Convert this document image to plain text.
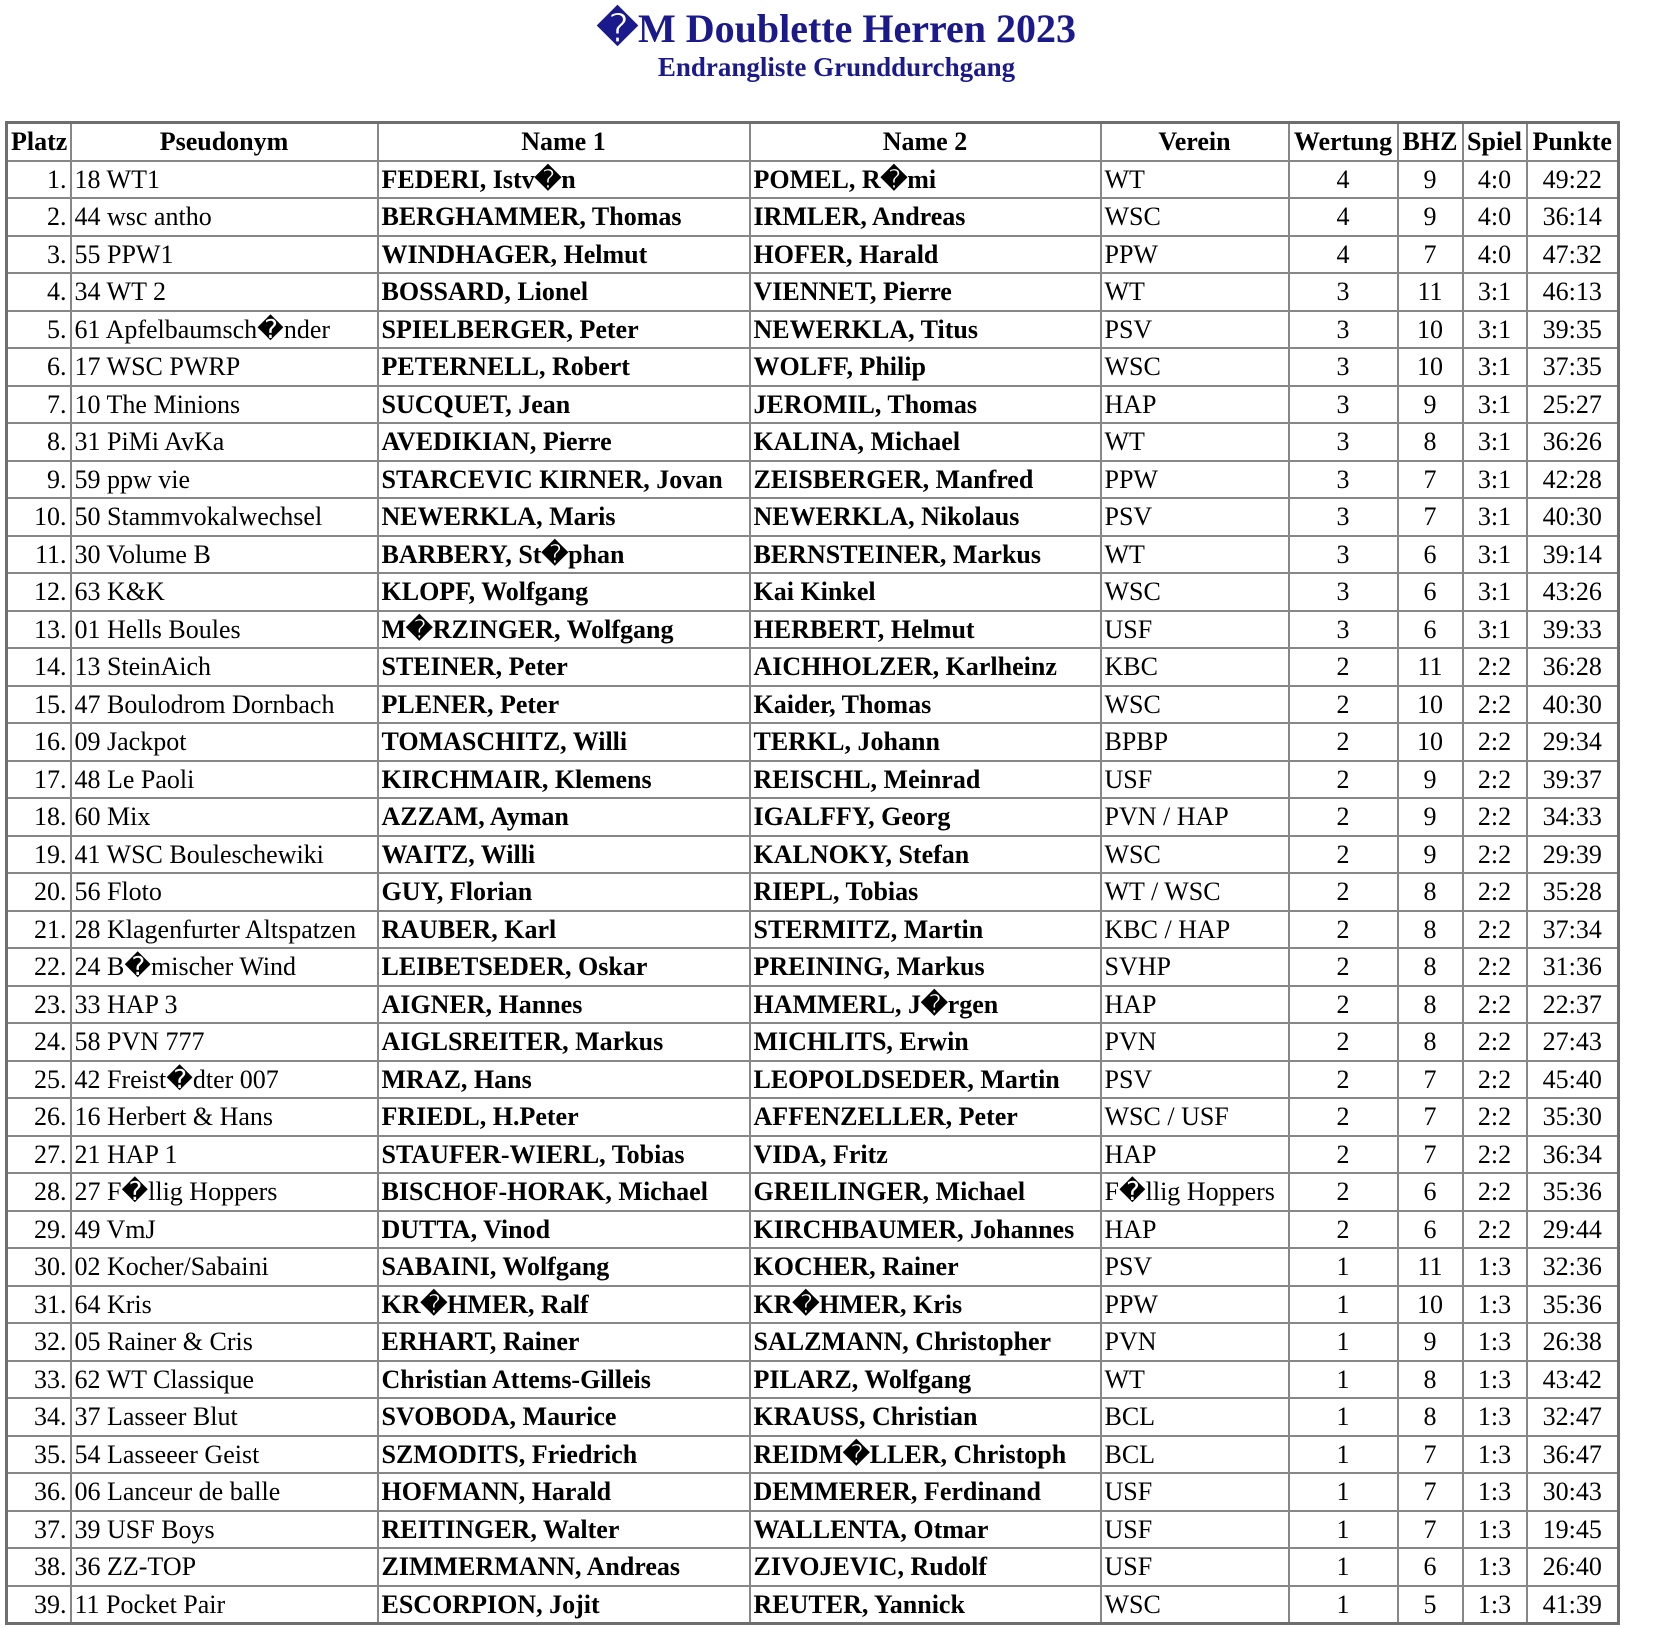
�M Doublette Herren 2023
Endrangliste Grunddurchgang
Platz	Pseudonym	Name 1	Name 2	Verein	Wertung	BHZ	Spiel	Punkte
1.	18 WT1	FEDERI, Istv�n	POMEL, R�mi	WT	4	9	4:0	49:22
2.	44 wsc antho	BERGHAMMER, Thomas	IRMLER, Andreas	WSC	4	9	4:0	36:14
3.	55 PPW1	WINDHAGER, Helmut	HOFER, Harald	PPW	4	7	4:0	47:32
4.	34 WT 2	BOSSARD, Lionel	VIENNET, Pierre	WT	3	11	3:1	46:13
5.	61 Apfelbaumsch�nder	SPIELBERGER, Peter	NEWERKLA, Titus	PSV	3	10	3:1	39:35
6.	17 WSC PWRP	PETERNELL, Robert	WOLFF, Philip	WSC	3	10	3:1	37:35
7.	10 The Minions	SUCQUET, Jean	JEROMIL, Thomas	HAP	3	9	3:1	25:27
8.	31 PiMi AvKa	AVEDIKIAN, Pierre	KALINA, Michael	WT	3	8	3:1	36:26
9.	59 ppw vie	STARCEVIC KIRNER, Jovan	ZEISBERGER, Manfred	PPW	3	7	3:1	42:28
10.	50 Stammvokalwechsel	NEWERKLA, Maris	NEWERKLA, Nikolaus	PSV	3	7	3:1	40:30
11.	30 Volume B	BARBERY, St�phan	BERNSTEINER, Markus	WT	3	6	3:1	39:14
12.	63 K&K	KLOPF, Wolfgang	Kai Kinkel	WSC	3	6	3:1	43:26
13.	01 Hells Boules	M�RZINGER, Wolfgang	HERBERT, Helmut	USF	3	6	3:1	39:33
14.	13 SteinAich	STEINER, Peter	AICHHOLZER, Karlheinz	KBC	2	11	2:2	36:28
15.	47 Boulodrom Dornbach	PLENER, Peter	Kaider, Thomas	WSC	2	10	2:2	40:30
16.	09 Jackpot	TOMASCHITZ, Willi	TERKL, Johann	BPBP	2	10	2:2	29:34
17.	48 Le Paoli	KIRCHMAIR, Klemens	REISCHL, Meinrad	USF	2	9	2:2	39:37
18.	60 Mix	AZZAM, Ayman	IGALFFY, Georg	PVN / HAP	2	9	2:2	34:33
19.	41 WSC Bouleschewiki	WAITZ, Willi	KALNOKY, Stefan	WSC	2	9	2:2	29:39
20.	56 Floto	GUY, Florian	RIEPL, Tobias	WT / WSC	2	8	2:2	35:28
21.	28 Klagenfurter Altspatzen	RAUBER, Karl	STERMITZ, Martin	KBC / HAP	2	8	2:2	37:34
22.	24 B�mischer Wind	LEIBETSEDER, Oskar	PREINING, Markus	SVHP	2	8	2:2	31:36
23.	33 HAP 3	AIGNER, Hannes	HAMMERL, J�rgen	HAP	2	8	2:2	22:37
24.	58 PVN 777	AIGLSREITER, Markus	MICHLITS, Erwin	PVN	2	8	2:2	27:43
25.	42 Freist�dter 007	MRAZ, Hans	LEOPOLDSEDER, Martin	PSV	2	7	2:2	45:40
26.	16 Herbert & Hans	FRIEDL, H.Peter	AFFENZELLER, Peter	WSC / USF	2	7	2:2	35:30
27.	21 HAP 1	STAUFER-WIERL, Tobias	VIDA, Fritz	HAP	2	7	2:2	36:34
28.	27 F�llig Hoppers	BISCHOF-HORAK, Michael	GREILINGER, Michael	F�llig Hoppers	2	6	2:2	35:36
29.	49 VmJ	DUTTA, Vinod	KIRCHBAUMER, Johannes	HAP	2	6	2:2	29:44
30.	02 Kocher/Sabaini	SABAINI, Wolfgang	KOCHER, Rainer	PSV	1	11	1:3	32:36
31.	64 Kris	KR�HMER, Ralf	KR�HMER, Kris	PPW	1	10	1:3	35:36
32.	05 Rainer & Cris	ERHART, Rainer	SALZMANN, Christopher	PVN	1	9	1:3	26:38
33.	62 WT Classique	Christian Attems-Gilleis	PILARZ, Wolfgang	WT	1	8	1:3	43:42
34.	37 Lasseer Blut	SVOBODA, Maurice	KRAUSS, Christian	BCL	1	8	1:3	32:47
35.	54 Lasseeer Geist	SZMODITS, Friedrich	REIDM�LLER, Christoph	BCL	1	7	1:3	36:47
36.	06 Lanceur de balle	HOFMANN, Harald	DEMMERER, Ferdinand	USF	1	7	1:3	30:43
37.	39 USF Boys	REITINGER, Walter	WALLENTA, Otmar	USF	1	7	1:3	19:45
38.	36 ZZ-TOP	ZIMMERMANN, Andreas	ZIVOJEVIC, Rudolf	USF	1	6	1:3	26:40
39.	11 Pocket Pair	ESCORPION, Jojit	REUTER, Yannick	WSC	1	5	1:3	41:39
